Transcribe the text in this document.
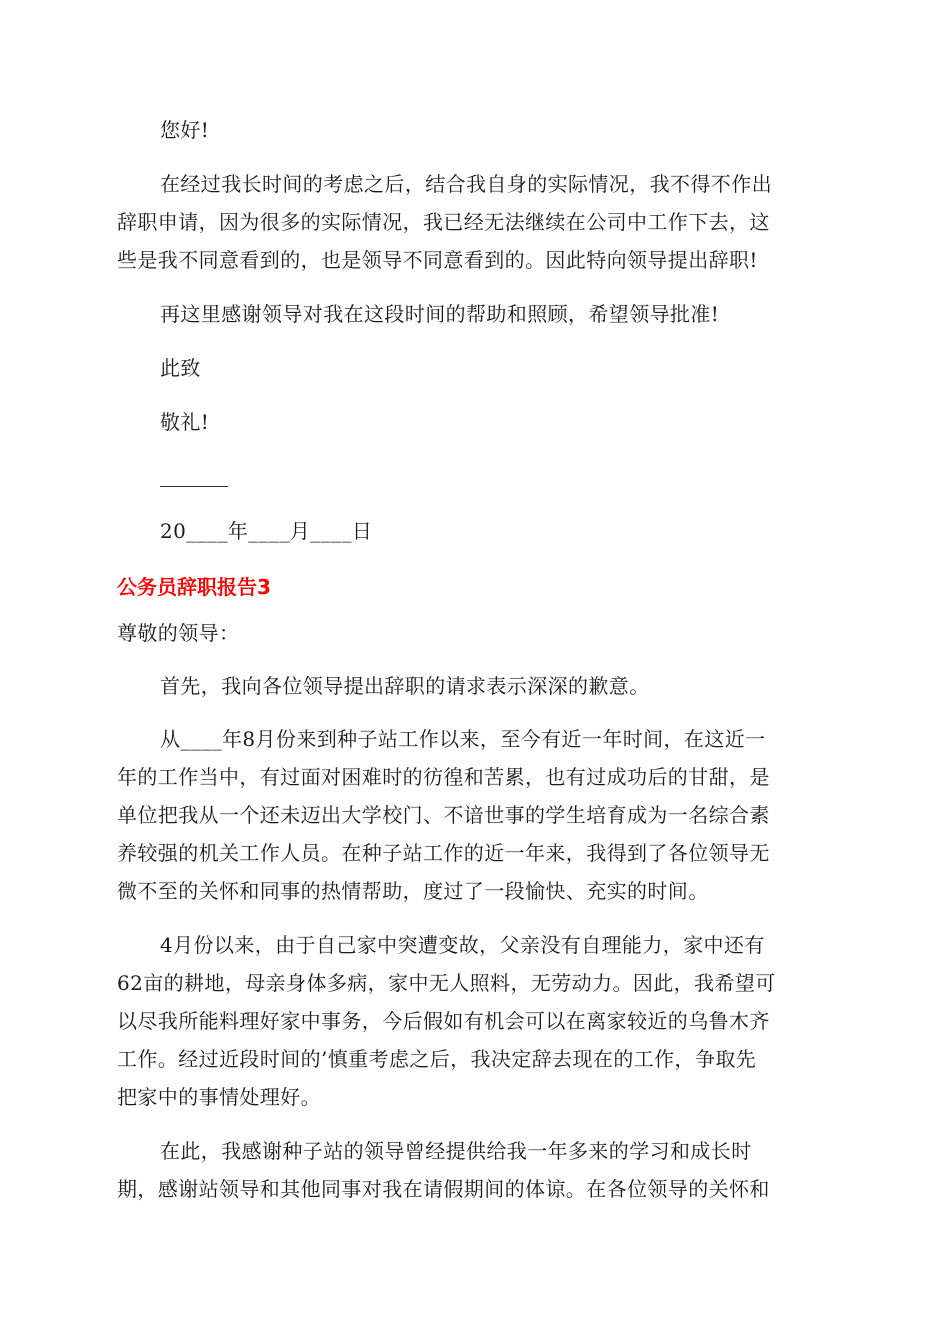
您好!
在经过我长时间的考虑之后，结合我自身的实际情况，我不得不作出
辞职申请，因为很多的实际情况，我已经无法继续在公司中工作下去，这
些是我不同意看到的，也是领导不同意看到的。因此特向领导提出辞职!
再这里感谢领导对我在这段时间的帮助和照顾，希望领导批准!
此致
敬礼!
20____年____月____日
公务员辞职报告3
尊敬的领导：
首先，我向各位领导提出辞职的请求表示深深的歉意。
从____年8月份来到种子站工作以来，至今有近一年时间，在这近一
年的工作当中，有过面对困难时的彷徨和苦累，也有过成功后的甘甜，是
单位把我从一个还未迈出大学校门、不谙世事的学生培育成为一名综合素
养较强的机关工作人员。在种子站工作的近一年来，我得到了各位领导无
微不至的关怀和同事的热情帮助，度过了一段愉快、充实的时间。
4月份以来，由于自己家中突遭变故，父亲没有自理能力，家中还有
62亩的耕地，母亲身体多病，家中无人照料，无劳动力。因此，我希望可
以尽我所能料理好家中事务，今后假如有机会可以在离家较近的乌鲁木齐
工作。经过近段时间的’慎重考虑之后，我决定辞去现在的工作，争取先
把家中的事情处理好。
在此，我感谢种子站的领导曾经提供给我一年多来的学习和成长时
期，感谢站领导和其他同事对我在请假期间的体谅。在各位领导的关怀和
